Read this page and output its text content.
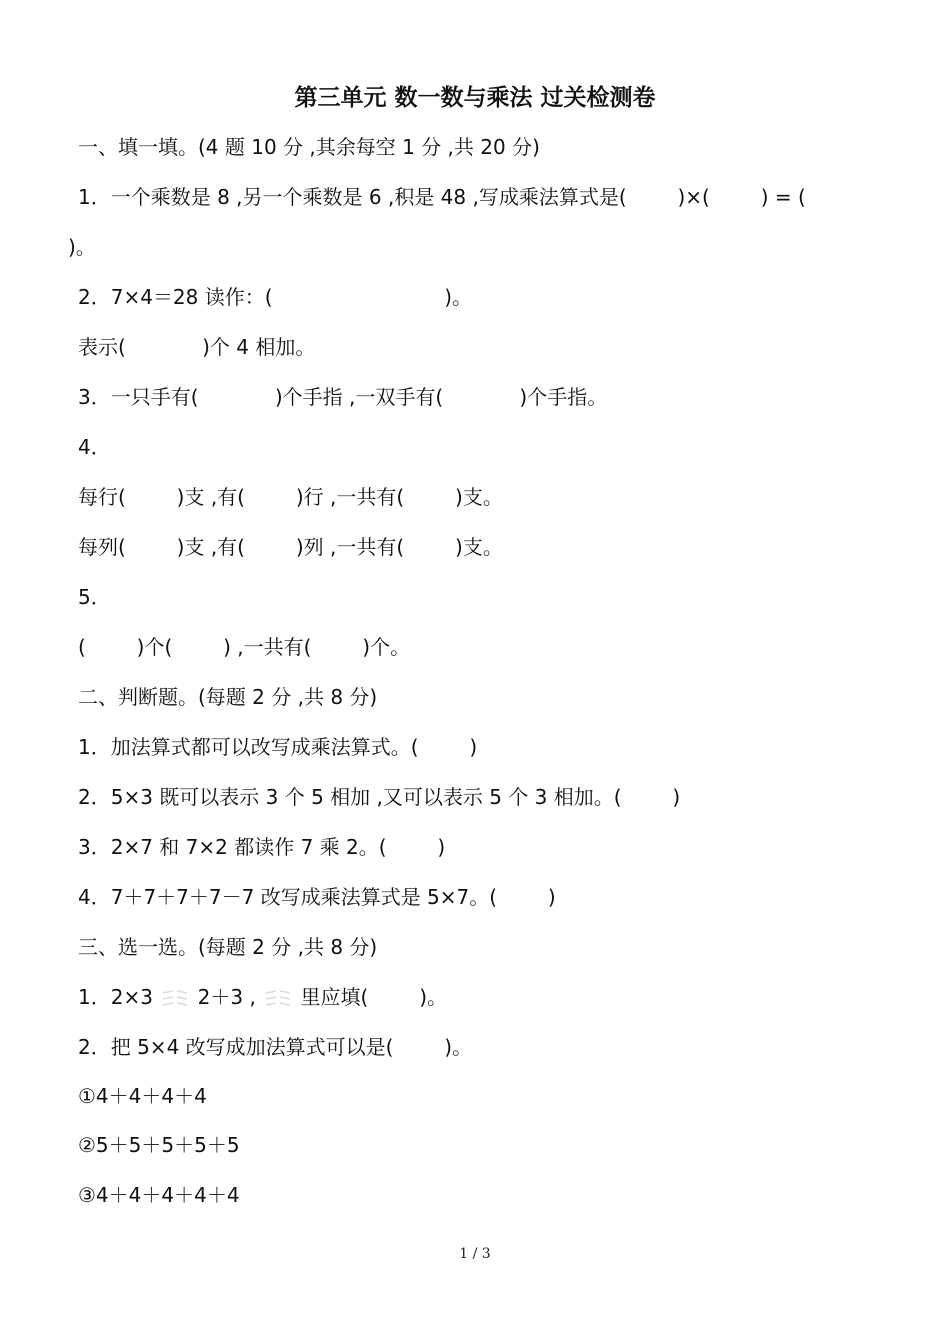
第三单元 数一数与乘法 过关检测卷
一、填一填。(4 题 10 分 ,其余每空 1 分 ,共 20 分)
1．一个乘数是 8 ,另一个乘数是 6 ,积是 48 ,写成乘法算式是(        )×(        ) = (
)。
2．7×4＝28 读作：(                           )。
表示(            )个 4 相加。
3．一只手有(            )个手指 ,一双手有(            )个手指。
4．
每行(        )支 ,有(        )行 ,一共有(        )支。
每列(        )支 ,有(        )列 ,一共有(        )支。
5．
(        )个(        ) ,一共有(        )个。
二、判断题。(每题 2 分 ,共 8 分)
1．加法算式都可以改写成乘法算式。(        )
2．5×3 既可以表示 3 个 5 相加 ,又可以表示 5 个 3 相加。(        )
3．2×7 和 7×2 都读作 7 乘 2。(        )
4．7＋7＋7＋7－7 改写成乘法算式是 5×7。(        )
三、选一选。(每题 2 分 ,共 8 分)
1．2×3
2＋3 ,
里应填(        )。
2．把 5×4 改写成加法算式可以是(        )。
①4＋4＋4＋4
②5＋5＋5＋5＋5
③4＋4＋4＋4＋4
1 / 3
